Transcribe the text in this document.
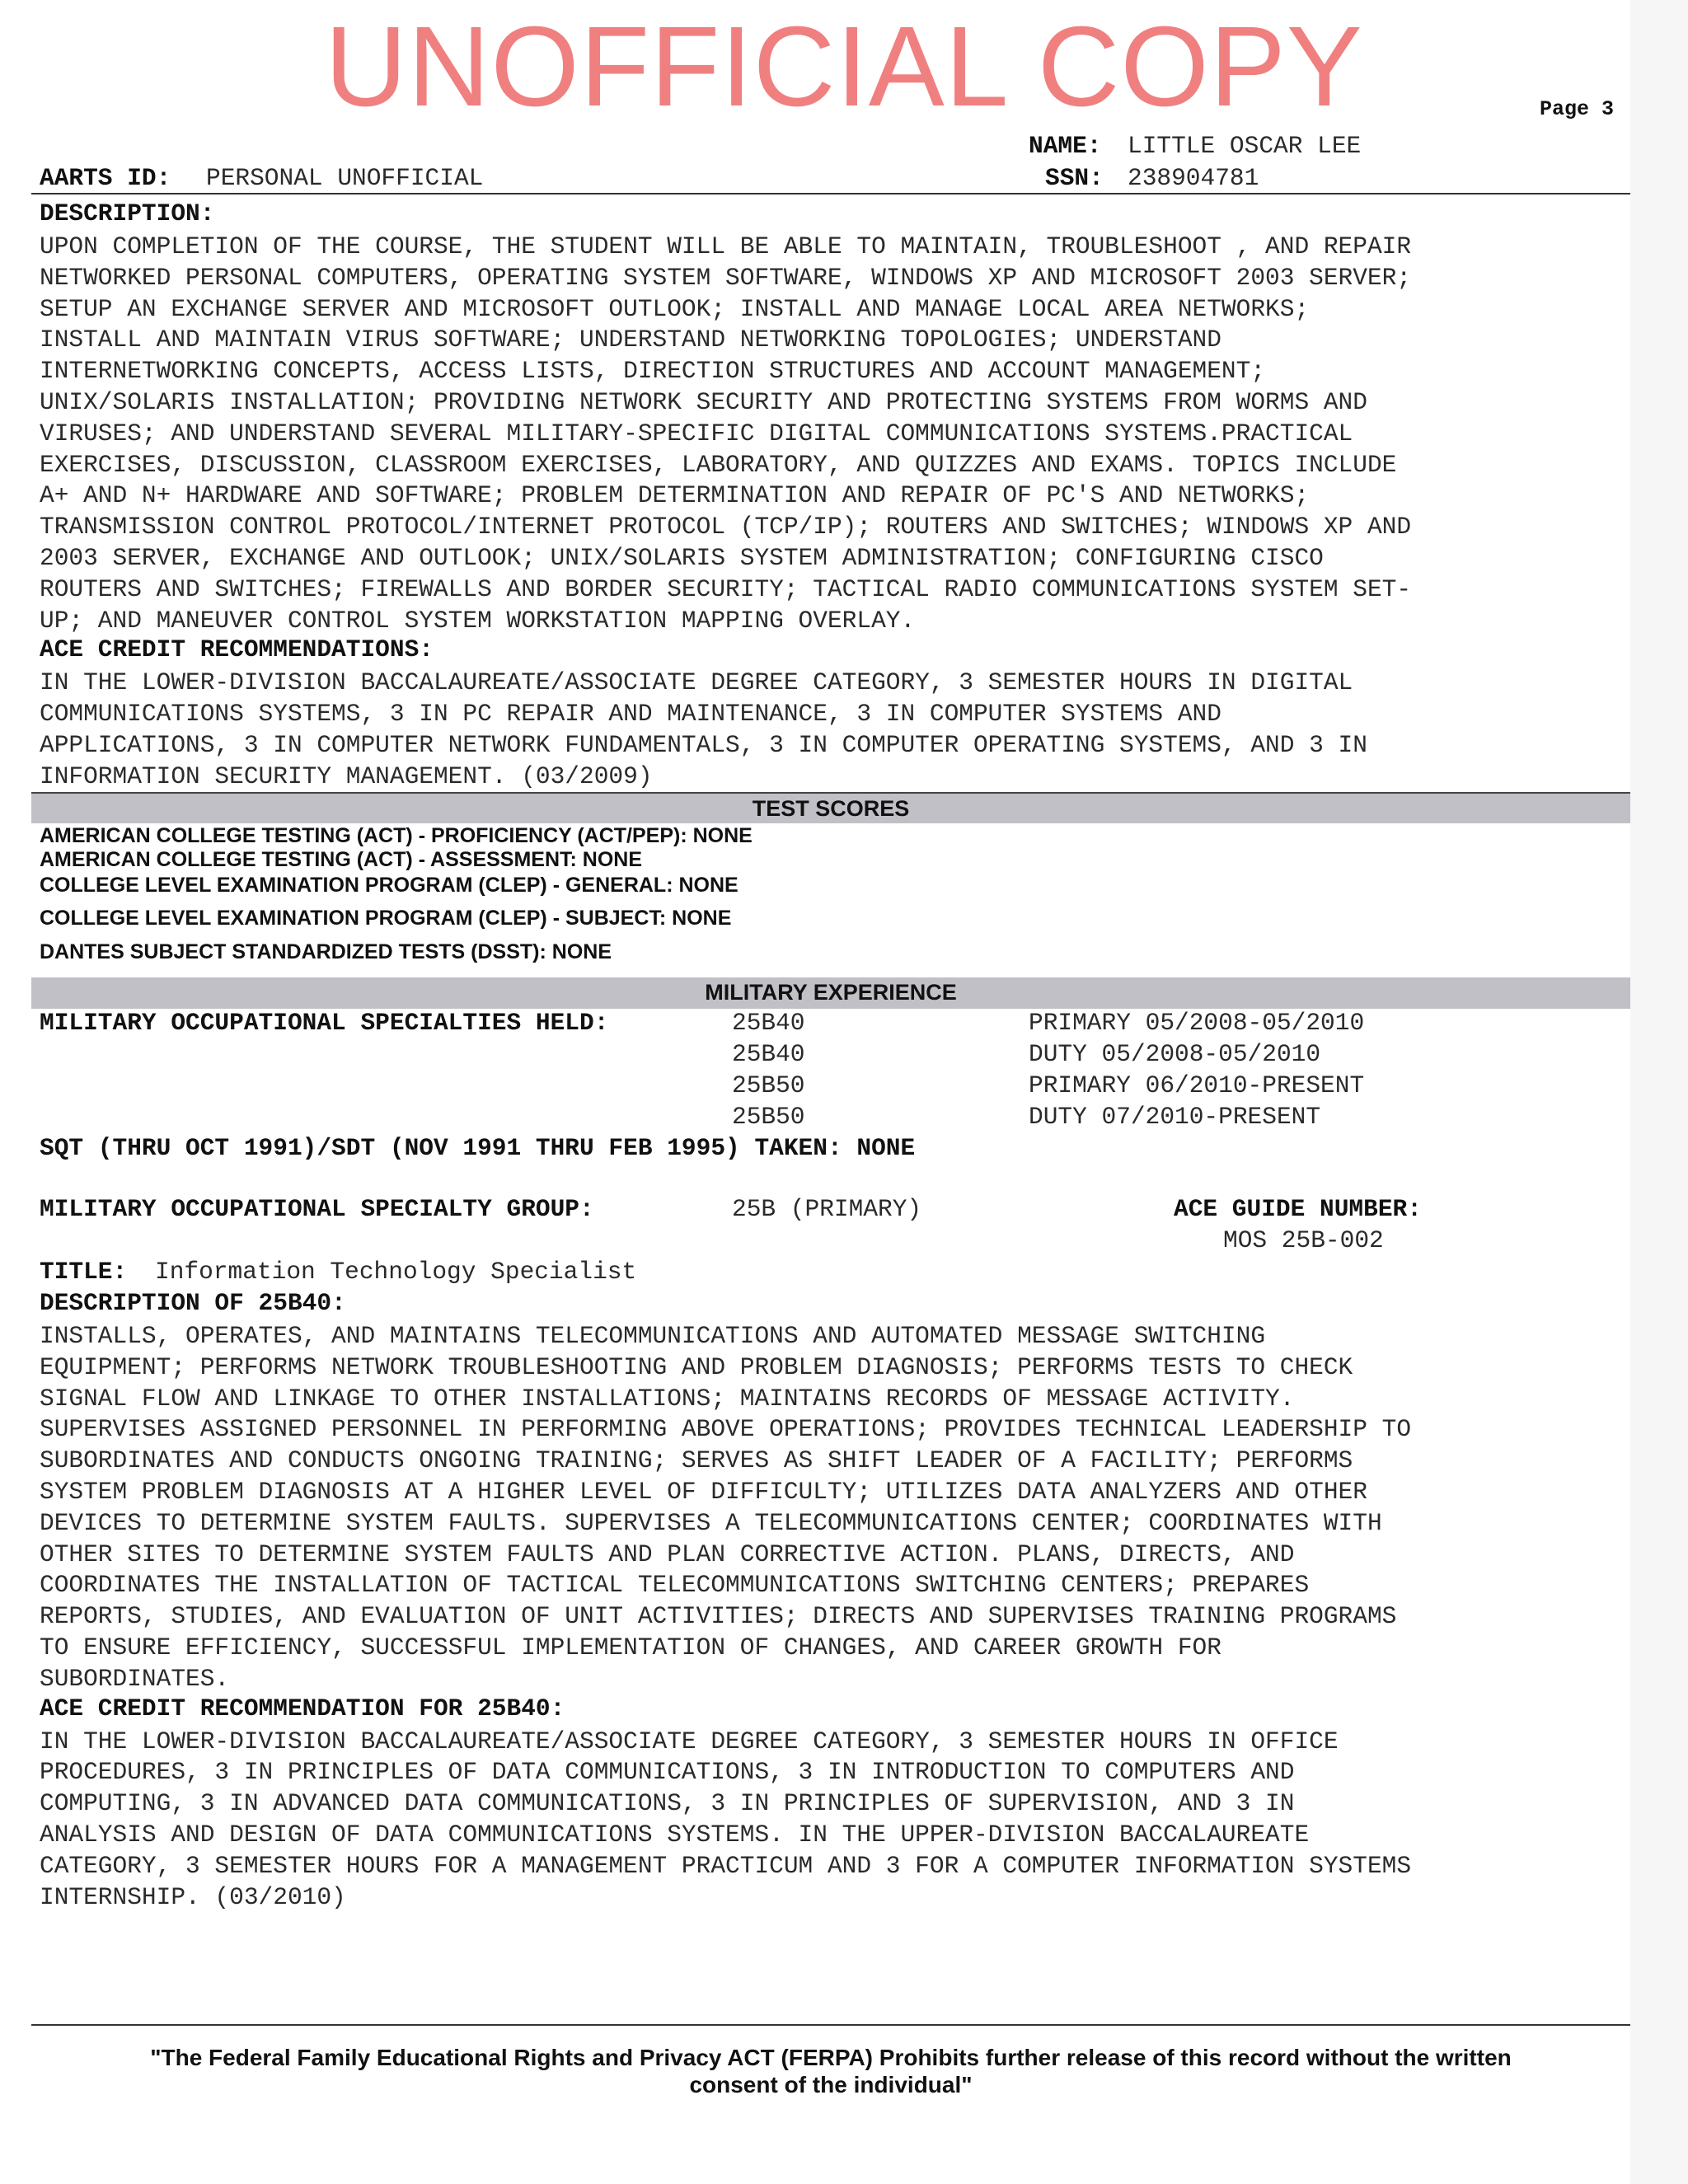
UNOFFICIAL COPY	Page 3
NAME: LITTLE OSCAR LEE
AARTS ID: PERSONAL UNOFFICIAL	SSN: 238904781
DESCRIPTION:
UPON COMPLETION OF THE COURSE, THE STUDENT WILL BE ABLE TO MAINTAIN, TROUBLESHOOT , AND REPAIR
NETWORKED PERSONAL COMPUTERS, OPERATING SYSTEM SOFTWARE, WINDOWS XP AND MICROSOFT 2003 SERVER;
SETUP AN EXCHANGE SERVER AND MICROSOFT OUTLOOK; INSTALL AND MANAGE LOCAL AREA NETWORKS;
INSTALL AND MAINTAIN VIRUS SOFTWARE; UNDERSTAND NETWORKING TOPOLOGIES; UNDERSTAND
INTERNETWORKING CONCEPTS, ACCESS LISTS, DIRECTION STRUCTURES AND ACCOUNT MANAGEMENT;
UNIX/SOLARIS INSTALLATION; PROVIDING NETWORK SECURITY AND PROTECTING SYSTEMS FROM WORMS AND
VIRUSES; AND UNDERSTAND SEVERAL MILITARY-SPECIFIC DIGITAL COMMUNICATIONS SYSTEMS.PRACTICAL
EXERCISES, DISCUSSION, CLASSROOM EXERCISES, LABORATORY, AND QUIZZES AND EXAMS. TOPICS INCLUDE
A+ AND N+ HARDWARE AND SOFTWARE; PROBLEM DETERMINATION AND REPAIR OF PC'S AND NETWORKS;
TRANSMISSION CONTROL PROTOCOL/INTERNET PROTOCOL (TCP/IP); ROUTERS AND SWITCHES; WINDOWS XP AND
2003 SERVER, EXCHANGE AND OUTLOOK; UNIX/SOLARIS SYSTEM ADMINISTRATION; CONFIGURING CISCO
ROUTERS AND SWITCHES; FIREWALLS AND BORDER SECURITY; TACTICAL RADIO COMMUNICATIONS SYSTEM SET-
UP; AND MANEUVER CONTROL SYSTEM WORKSTATION MAPPING OVERLAY.
ACE CREDIT RECOMMENDATIONS:
IN THE LOWER-DIVISION BACCALAUREATE/ASSOCIATE DEGREE CATEGORY, 3 SEMESTER HOURS IN DIGITAL
COMMUNICATIONS SYSTEMS, 3 IN PC REPAIR AND MAINTENANCE, 3 IN COMPUTER SYSTEMS AND
APPLICATIONS, 3 IN COMPUTER NETWORK FUNDAMENTALS, 3 IN COMPUTER OPERATING SYSTEMS, AND 3 IN
INFORMATION SECURITY MANAGEMENT. (03/2009)
TEST SCORES
AMERICAN COLLEGE TESTING (ACT) - PROFICIENCY (ACT/PEP): NONE
AMERICAN COLLEGE TESTING (ACT) - ASSESSMENT: NONE
COLLEGE LEVEL EXAMINATION PROGRAM (CLEP) - GENERAL: NONE
COLLEGE LEVEL EXAMINATION PROGRAM (CLEP) - SUBJECT: NONE
DANTES SUBJECT STANDARDIZED TESTS (DSST): NONE
MILITARY EXPERIENCE
MILITARY OCCUPATIONAL SPECIALTIES HELD:	25B40	PRIMARY 05/2008-05/2010
25B40	DUTY 05/2008-05/2010
25B50	PRIMARY 06/2010-PRESENT
25B50	DUTY 07/2010-PRESENT
SQT (THRU OCT 1991)/SDT (NOV 1991 THRU FEB 1995) TAKEN: NONE
MILITARY OCCUPATIONAL SPECIALTY GROUP:	25B (PRIMARY)	ACE GUIDE NUMBER:
MOS 25B-002
TITLE: Information Technology Specialist
DESCRIPTION OF 25B40:
INSTALLS, OPERATES, AND MAINTAINS TELECOMMUNICATIONS AND AUTOMATED MESSAGE SWITCHING
EQUIPMENT; PERFORMS NETWORK TROUBLESHOOTING AND PROBLEM DIAGNOSIS; PERFORMS TESTS TO CHECK
SIGNAL FLOW AND LINKAGE TO OTHER INSTALLATIONS; MAINTAINS RECORDS OF MESSAGE ACTIVITY.
SUPERVISES ASSIGNED PERSONNEL IN PERFORMING ABOVE OPERATIONS; PROVIDES TECHNICAL LEADERSHIP TO
SUBORDINATES AND CONDUCTS ONGOING TRAINING; SERVES AS SHIFT LEADER OF A FACILITY; PERFORMS
SYSTEM PROBLEM DIAGNOSIS AT A HIGHER LEVEL OF DIFFICULTY; UTILIZES DATA ANALYZERS AND OTHER
DEVICES TO DETERMINE SYSTEM FAULTS. SUPERVISES A TELECOMMUNICATIONS CENTER; COORDINATES WITH
OTHER SITES TO DETERMINE SYSTEM FAULTS AND PLAN CORRECTIVE ACTION. PLANS, DIRECTS, AND
COORDINATES THE INSTALLATION OF TACTICAL TELECOMMUNICATIONS SWITCHING CENTERS; PREPARES
REPORTS, STUDIES, AND EVALUATION OF UNIT ACTIVITIES; DIRECTS AND SUPERVISES TRAINING PROGRAMS
TO ENSURE EFFICIENCY, SUCCESSFUL IMPLEMENTATION OF CHANGES, AND CAREER GROWTH FOR
SUBORDINATES.
ACE CREDIT RECOMMENDATION FOR 25B40:
IN THE LOWER-DIVISION BACCALAUREATE/ASSOCIATE DEGREE CATEGORY, 3 SEMESTER HOURS IN OFFICE
PROCEDURES, 3 IN PRINCIPLES OF DATA COMMUNICATIONS, 3 IN INTRODUCTION TO COMPUTERS AND
COMPUTING, 3 IN ADVANCED DATA COMMUNICATIONS, 3 IN PRINCIPLES OF SUPERVISION, AND 3 IN
ANALYSIS AND DESIGN OF DATA COMMUNICATIONS SYSTEMS. IN THE UPPER-DIVISION BACCALAUREATE
CATEGORY, 3 SEMESTER HOURS FOR A MANAGEMENT PRACTICUM AND 3 FOR A COMPUTER INFORMATION SYSTEMS
INTERNSHIP. (03/2010)
"The Federal Family Educational Rights and Privacy ACT (FERPA) Prohibits further release of this record without the written
consent of the individual"
